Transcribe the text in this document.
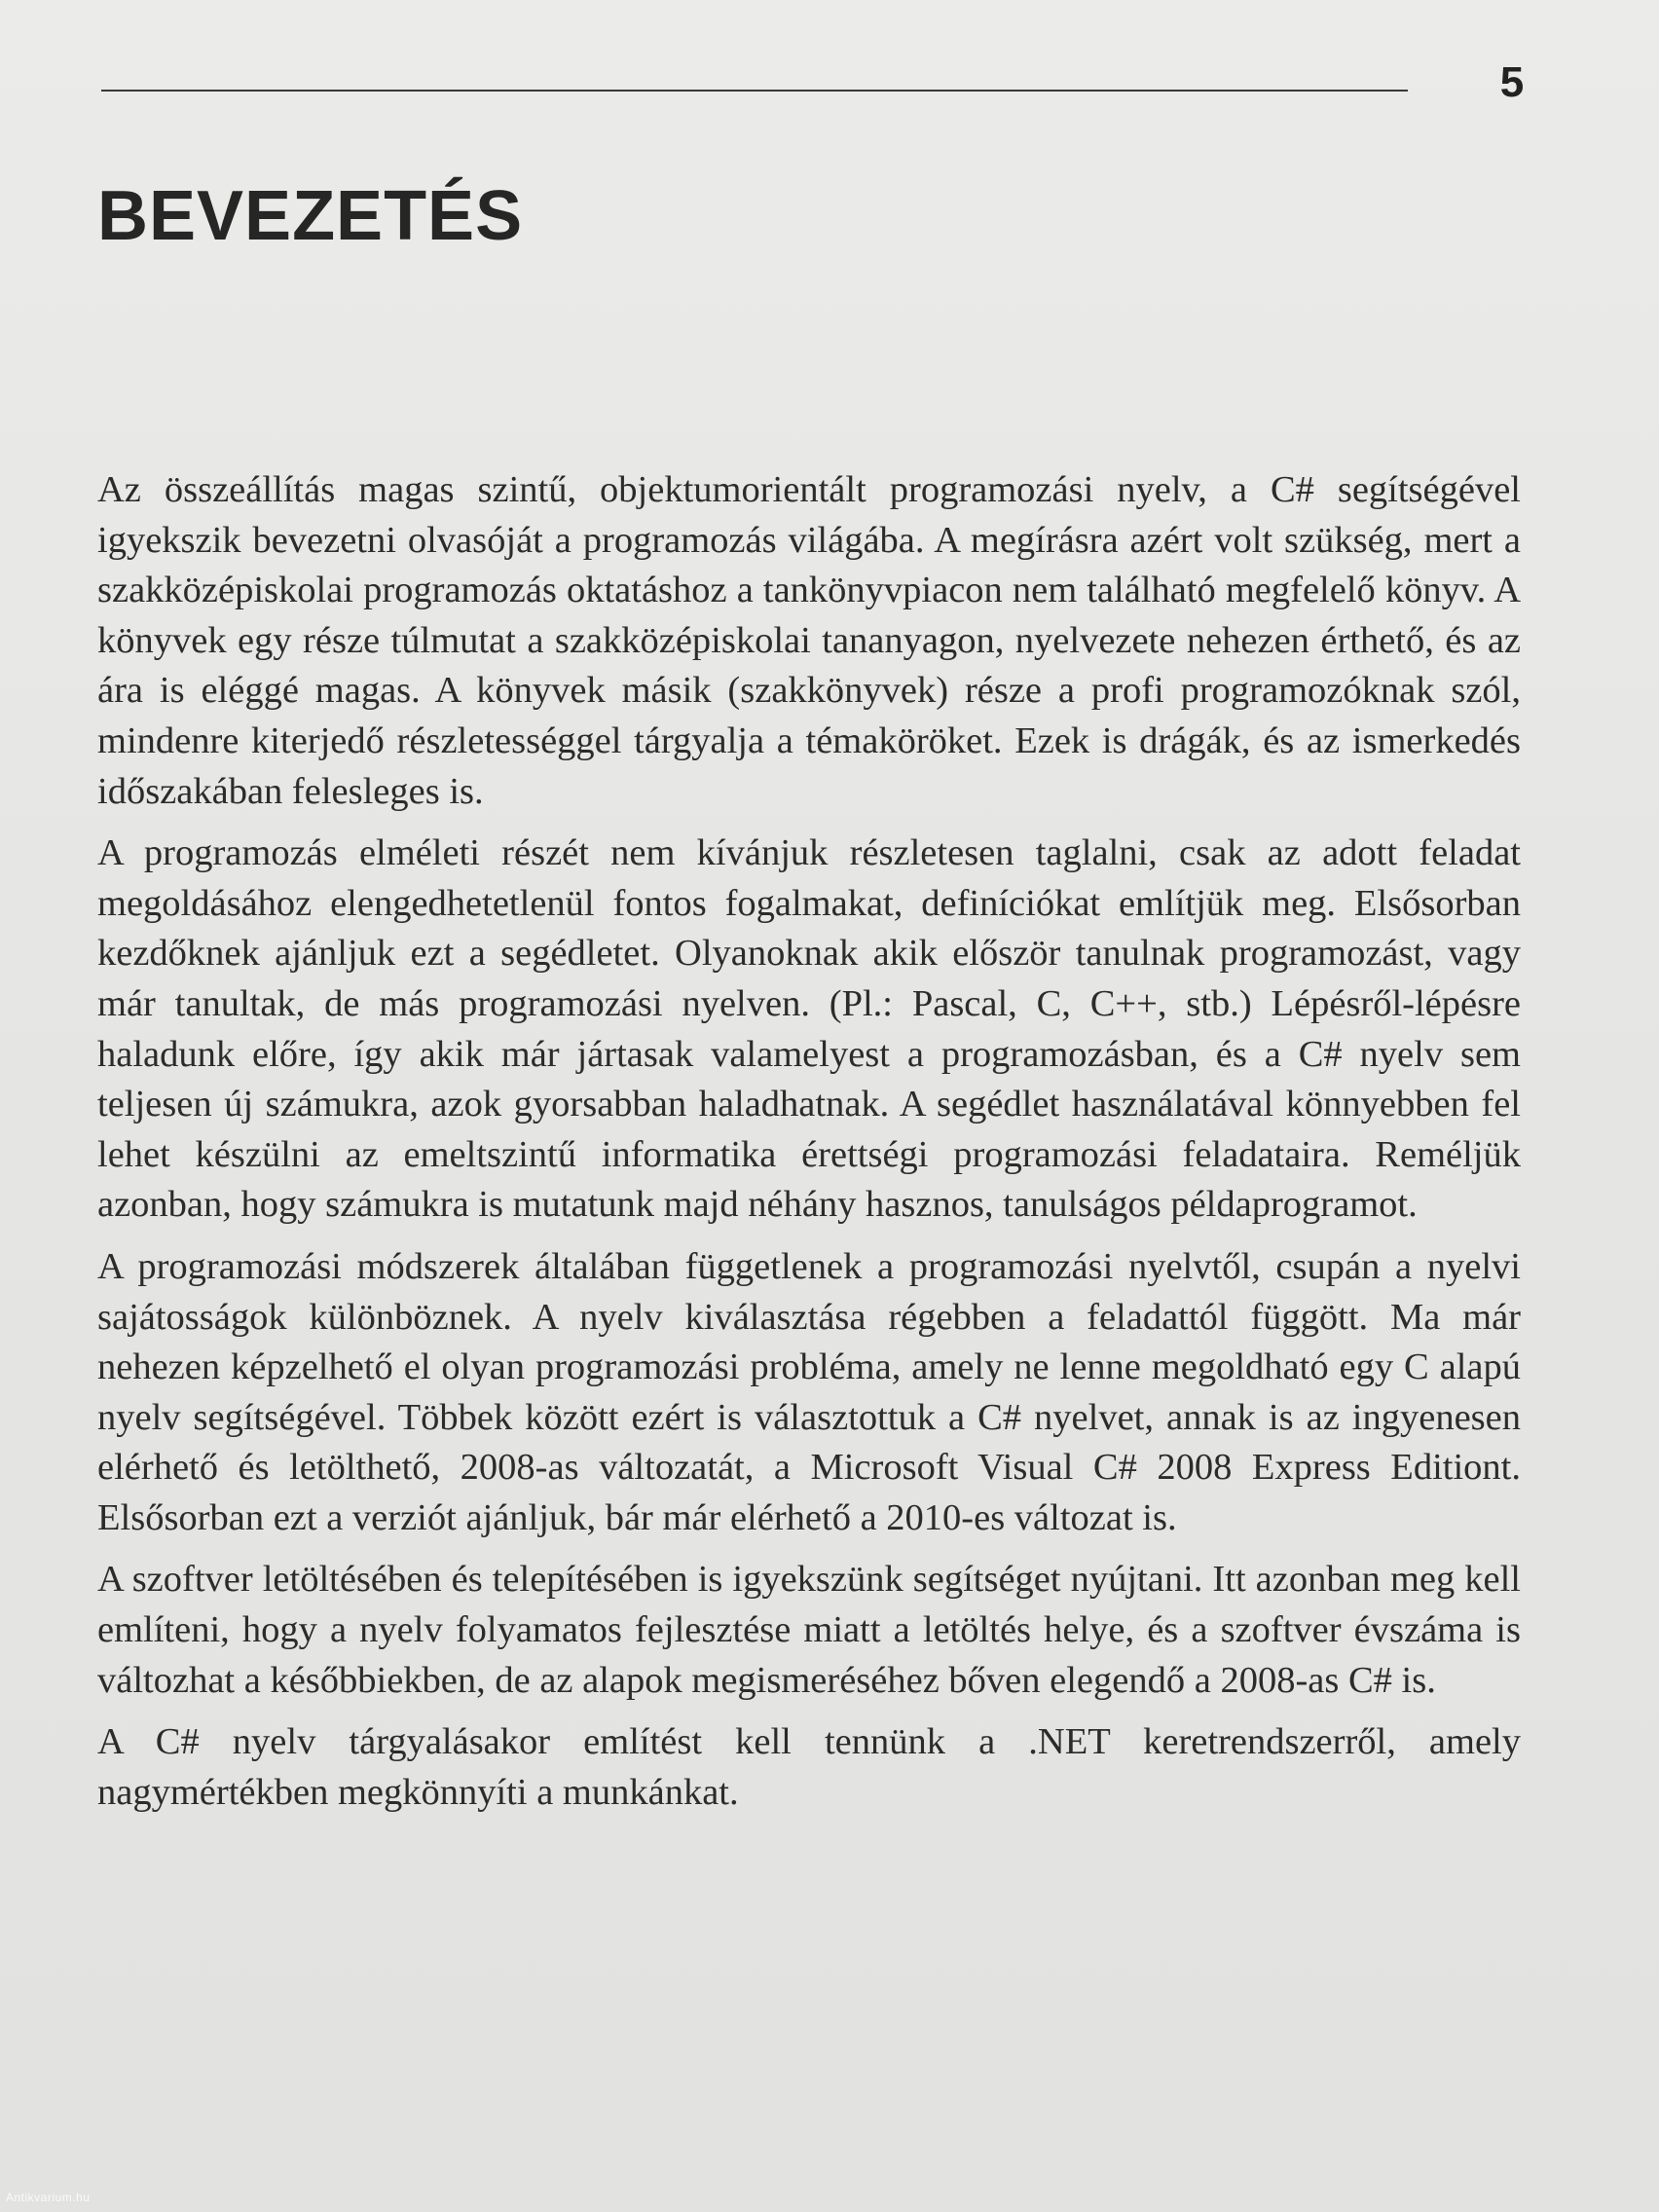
5
BEVEZETÉS

Az összeállítás magas szintű, objektumorientált programozási nyelv, a C# segítségével igyekszik bevezetni olvasóját a programozás világába. A megírásra azért volt szükség, mert a szakközépiskolai programozás oktatáshoz a tankönyvpiacon nem található megfelelő könyv. A könyvek egy része túlmutat a szakközépiskolai tananyagon, nyelvezete nehezen érthető, és az ára is eléggé magas. A könyvek másik (szakkönyvek) része a profi programozóknak szól, mindenre kiterjedő részletességgel tárgyalja a témaköröket. Ezek is drágák, és az ismerkedés időszakában felesleges is.

A programozás elméleti részét nem kívánjuk részletesen taglalni, csak az adott feladat megoldásához elengedhetetlenül fontos fogalmakat, definíciókat említjük meg. Elsősorban kezdőknek ajánljuk ezt a segédletet. Olyanoknak akik először tanulnak programozást, vagy már tanultak, de más programozási nyelven. (Pl.: Pascal, C, C++, stb.) Lépésről-lépésre haladunk előre, így akik már jártasak valamelyest a programozásban, és a C# nyelv sem teljesen új számukra, azok gyorsabban haladhatnak. A segédlet használatával könnyebben fel lehet készülni az emeltszintű informatika érettségi programozási feladataira. Reméljük azonban, hogy számukra is mutatunk majd néhány hasznos, tanulságos példaprogramot.

A programozási módszerek általában függetlenek a programozási nyelvtől, csupán a nyelvi sajátosságok különböznek. A nyelv kiválasztása régebben a feladattól függött. Ma már nehezen képzelhető el olyan programozási probléma, amely ne lenne megoldható egy C alapú nyelv segítségével. Többek között ezért is választottuk a C# nyelvet, annak is az ingyenesen elérhető és letölthető, 2008-as változatát, a Microsoft Visual C# 2008 Express Editiont. Elsősorban ezt a verziót ajánljuk, bár már elérhető a 2010-es változat is.

A szoftver letöltésében és telepítésében is igyekszünk segítséget nyújtani. Itt azonban meg kell említeni, hogy a nyelv folyamatos fejlesztése miatt a letöltés helye, és a szoftver évszáma is változhat a későbbiekben, de az alapok megismeréséhez bőven elegendő a 2008-as C# is.

A C# nyelv tárgyalásakor említést kell tennünk a .NET keretrendszerről, amely nagymértékben megkönnyíti a munkánkat.

Antikvarium.hu
